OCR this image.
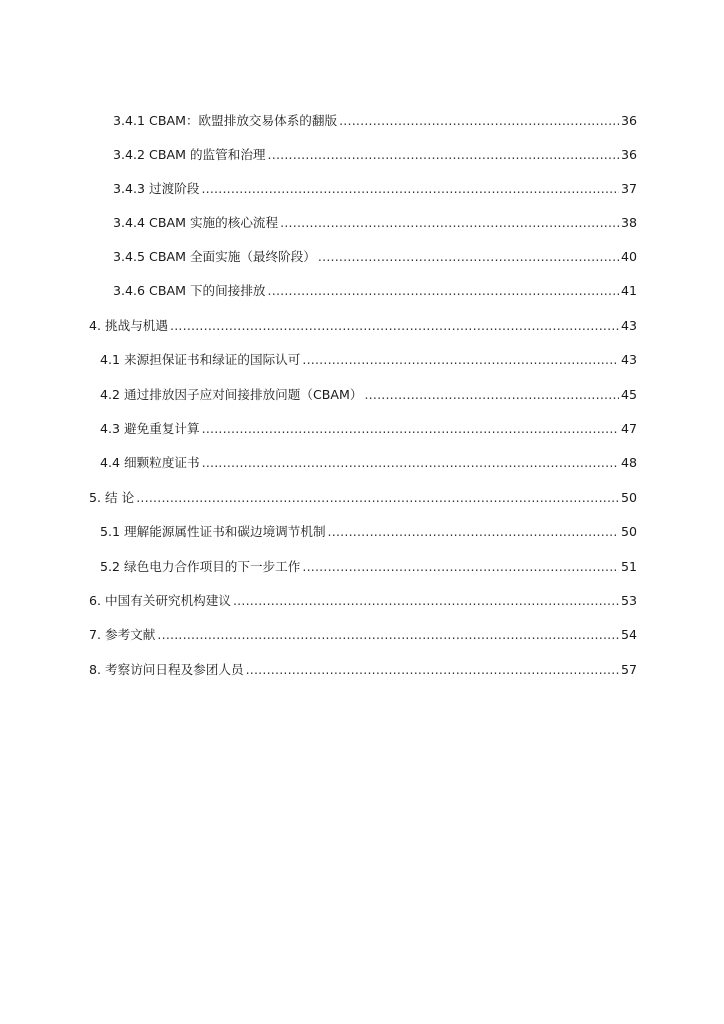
3.4.1 CBAM：欧盟排放交易体系的翻版 .....	36
3.4.2 CBAM 的监管和治理 .....	36
3.4.3 过渡阶段 .....	37
3.4.4 CBAM 实施的核心流程 .....	38
3.4.5 CBAM 全面实施（最终阶段） .....	40
3.4.6 CBAM 下的间接排放 .....	41
4. 挑战与机遇 .....	43
4.1 来源担保证书和绿证的国际认可 .....	43
4.2 通过排放因子应对间接排放问题（CBAM） .....	45
4.3 避免重复计算 .....	47
4.4 细颗粒度证书 .....	48
5. 结 论 .....	50
5.1 理解能源属性证书和碳边境调节机制 .....	50
5.2 绿色电力合作项目的下一步工作 .....	51
6. 中国有关研究机构建议 .....	53
7. 参考文献 .....	54
8. 考察访问日程及参团人员 .....	57
